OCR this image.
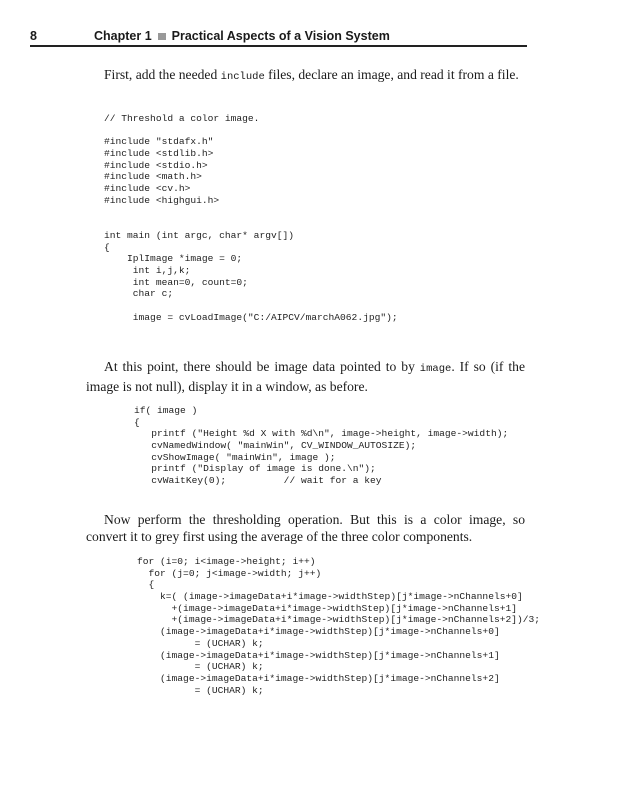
8	Chapter 1 Practical Aspects of a Vision System
First, add the needed include files, declare an image, and read it from a file.
// Threshold a color image.
#include "stdafx.h"
#include <stdlib.h>
#include <stdio.h>
#include <math.h>
#include <cv.h>
#include <highgui.h>
int main (int argc, char* argv[])
{
IplImage *image = 0;
int i,j,k;
int mean=0, count=0;
char c;
image = cvLoadImage("C:/AIPCV/marchA062.jpg");
At this point, there should be image data pointed to by image. If so (if the image is not null), display it in a window, as before.
if( image )
{
printf ("Height %d X with %d\n", image->height, image->width);
cvNamedWindow( "mainWin", CV_WINDOW_AUTOSIZE);
cvShowImage( "mainWin", image );
printf ("Display of image is done.\n");
cvWaitKey(0);          // wait for a key
Now perform the thresholding operation. But this is a color image, so convert it to grey first using the average of the three color components.
for (i=0; i<image->height; i++)
for (j=0; j<image->width; j++)
{
k=( (image->imageData+i*image->widthStep)[j*image->nChannels+0]
+(image->imageData+i*image->widthStep)[j*image->nChannels+1]
+(image->imageData+i*image->widthStep)[j*image->nChannels+2])/3;
(image->imageData+i*image->widthStep)[j*image->nChannels+0]
= (UCHAR) k;
(image->imageData+i*image->widthStep)[j*image->nChannels+1]
= (UCHAR) k;
(image->imageData+i*image->widthStep)[j*image->nChannels+2]
= (UCHAR) k;
